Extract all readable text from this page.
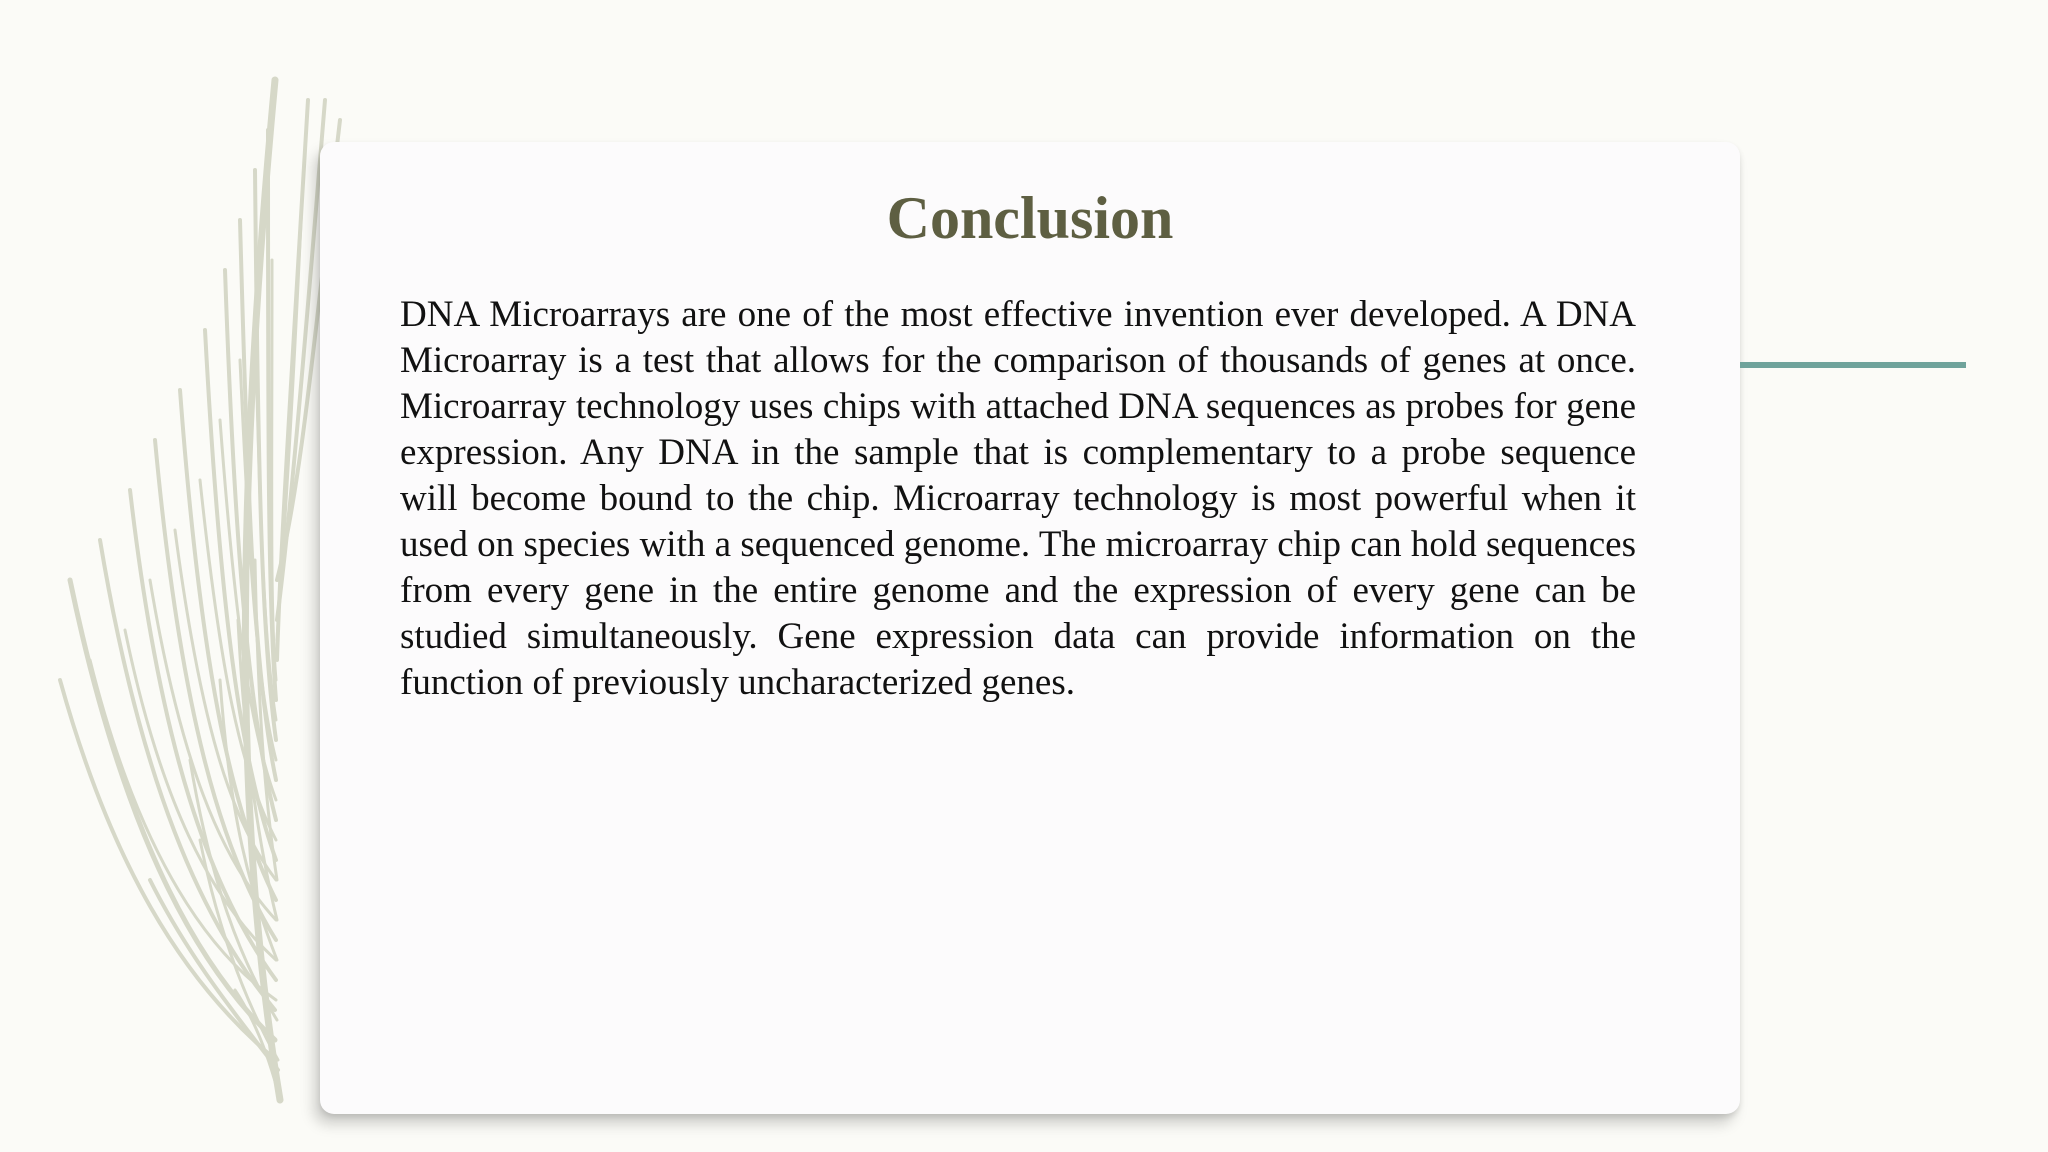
Conclusion

DNA Microarrays are one of the most effective invention ever developed. A DNA Microarray is a test that allows for the comparison of thousands of genes at once. Microarray technology uses chips with attached DNA sequences as probes for gene expression. Any DNA in the sample that is complementary to a probe sequence will become bound to the chip. Microarray technology is most powerful when it used on species with a sequenced genome. The microarray chip can hold sequences from every gene in the entire genome and the expression of every gene can be studied simultaneously. Gene expression data can provide information on the function of previously uncharacterized genes.
